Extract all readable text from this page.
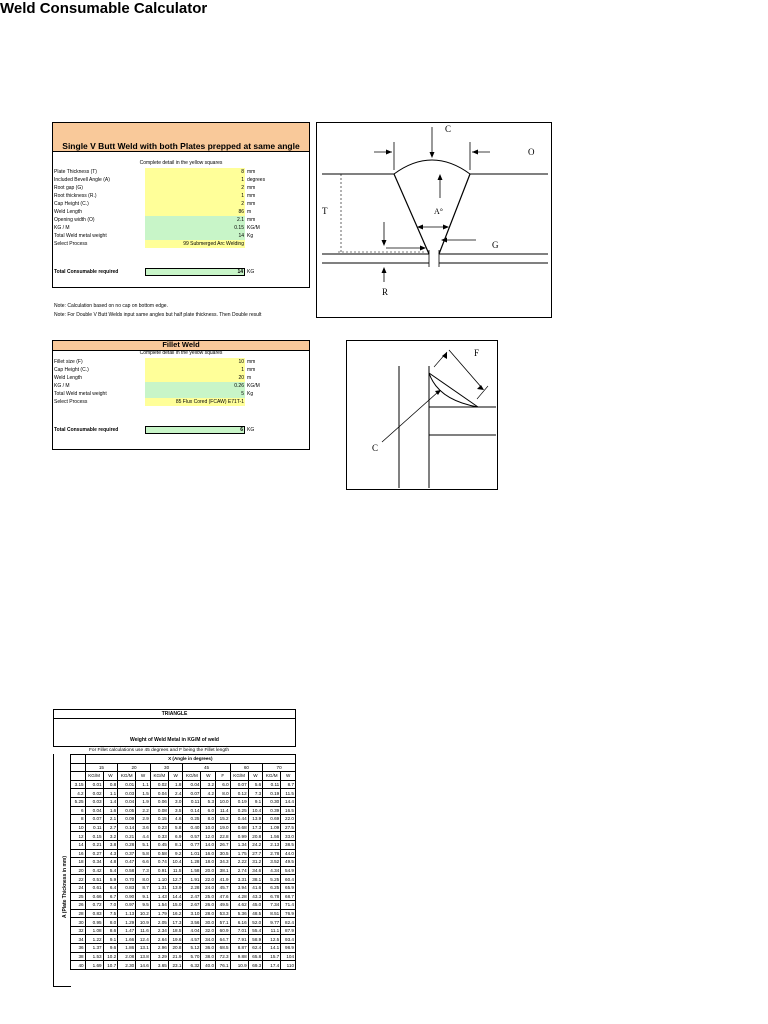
Weld Consumable Calculator
Single V Butt Weld with both Plates prepped at same angle
Complete detail in the yellow squares
Plate Thickness (T)	8 mm
Included Bevell Angle (A)	1 degrees
Root gap (G)	2 mm
Root thickness (R.)	1 mm
Cap Height (C.)	2 mm
Weld Length	86 m
Opening width (O)	2.1 mm
KG / M	0.15 KG/M
Total Weld metal weight	14 Kg
Select Process	99 Submerged Arc Welding
Total Consumable required	14 KG
Note: Calculation based on no cap on bottom edge.
Note: For Double V Butt Welds input same angles but half plate thickness. Then Double result
C
O
T	A°
G
R
Fillet Weld
Complete detail in the yellow squares
Fillet size (F)	10 mm
Cap Height (C.)	1 mm
Weld Length	20 m
KG / M	0.26 KG/M
Total Weld metal weight	5 Kg
Select Process	85 Flux Cored (FCAW) E71T-1
Total Consumable required	6 KG
F
C
TRIANGLE
Weight of Weld Metal in KG/M of weld
For Fillet calculations use 45 degrees and F being the Fillet length
A (Plate Thickness in mm)
	X (Angle in degrees)												
	15		20		30		45			60		70	
	KG/M	W	KG/M	W	KG/M	W	KG/M	W	F	KG/M	W	KG/M	W
3.15	0.01	0.8	0.01	1.1	0.02	1.8	0.04	3.2	6.0	0.07	5.6	0.11	8.7
4.2	0.02	1.1	0.03	1.5	0.04	2.4	0.07	4.2	8.0	0.12	7.3	0.19	11.5
5.25	0.03	1.4	0.04	1.9	0.06	3.0	0.11	5.3	10.0	0.19	9.1	0.30	14.4
6	0.04	1.6	0.05	2.2	0.08	3.5	0.14	6.0	11.4	0.25	10.4	0.39	16.5
8	0.07	2.1	0.09	2.9	0.15	4.6	0.25	8.0	15.2	0.44	13.9	0.69	22.0
10	0.11	2.7	0.14	3.6	0.23	5.8	0.40	10.0	19.0	0.68	17.3	1.09	27.5
12	0.15	3.2	0.21	4.4	0.33	6.9	0.57	12.0	22.8	0.99	20.8	1.56	33.0
14	0.21	3.8	0.28	5.1	0.45	8.1	0.77	14.0	26.7	1.34	24.2	2.13	38.5
16	0.27	4.3	0.37	5.8	0.58	9.2	1.01	16.0	30.5	1.75	27.7	2.78	44.0
18	0.34	4.8	0.47	6.6	0.74	10.4	1.28	18.0	34.3	2.22	31.2	3.52	49.5
20	0.42	5.4	0.58	7.3	0.91	11.5	1.58	20.0	38.1	2.74	34.6	4.34	54.9
22	0.51	5.9	0.70	8.0	1.10	12.7	1.91	22.0	41.9	3.31	38.1	5.25	60.4
24	0.61	6.4	0.83	8.7	1.31	13.9	2.28	24.0	45.7	3.94	41.6	6.25	65.9
25	0.66	6.7	0.90	9.1	1.43	14.4	2.47	25.0	47.6	4.28	43.3	6.78	68.7
26	0.72	7.0	0.97	9.5	1.54	15.0	2.67	26.0	49.5	4.62	45.0	7.34	71.4
28	0.83	7.5	1.13	10.2	1.79	16.2	3.10	28.0	53.3	5.36	48.5	8.51	76.9
30	0.95	8.0	1.29	10.9	2.05	17.3	3.56	30.0	57.1	6.16	52.0	9.77	82.4
32	1.08	8.6	1.47	11.6	2.34	18.5	4.04	32.0	60.9	7.01	55.4	11.1	87.9
34	1.22	9.1	1.66	12.4	2.64	19.6	4.57	34.0	64.7	7.91	58.9	12.5	93.4
36	1.37	9.6	1.86	13.1	2.96	20.8	5.12	36.0	68.5	8.87	62.4	14.1	98.9
38	1.53	10.2	2.08	13.8	3.29	21.9	5.70	38.0	72.3	9.88	65.8	15.7	104
40	1.69	10.7	2.30	14.6	3.65	23.1	6.32	40.0	76.1	10.9	69.3	17.4	110
